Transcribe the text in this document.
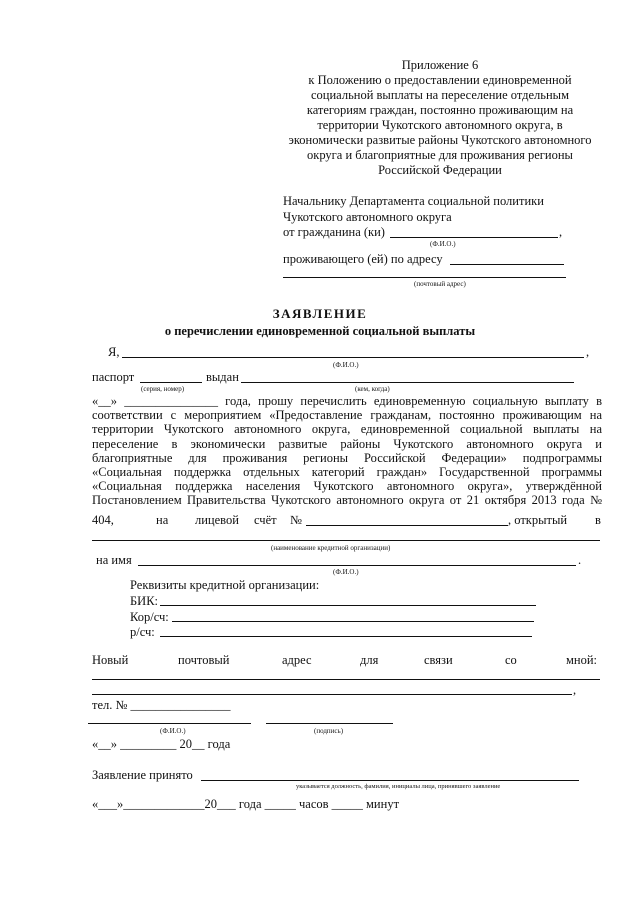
Приложение 6
к Положению о предоставлении единовременной
социальной выплаты на переселение отдельным
категориям граждан, постоянно проживающим на
территории Чукотского автономного округа, в
экономически развитые районы Чукотского автономного
округа и благоприятные для проживания регионы
Российской Федерации
Начальнику Департамента социальной политики
Чукотского автономного округа
от гражданина (ки)	,
(Ф.И.О.)
проживающего (ей) по адресу
(почтовый адрес)
ЗАЯВЛЕНИЕ
о перечислении единовременной социальной выплаты
Я,	,
(Ф.И.О.)
паспорт	выдан
(серия, номер)	(кем, когда)
«__» _______________ года, прошу перечислить единовременную социальную выплату в
соответствии с мероприятием «Предоставление гражданам, постоянно проживающим на
территории Чукотского автономного округа, единовременной социальной выплаты на
переселение в экономически развитые районы Чукотского автономного округа и
благоприятные для проживания регионы Российской Федерации» подпрограммы
«Социальная поддержка отдельных категорий граждан» Государственной программы
«Социальная поддержка населения Чукотского автономного округа», утверждённой
Постановлением Правительства Чукотского автономного округа от 21 октября 2013 года №
404,	на лицевой счёт №	, открытый в
(наименование кредитной организации)
на имя	.
(Ф.И.О.)
Реквизиты кредитной организации:
БИК:
Кор/сч:
р/сч:
Новый	почтовый	адрес	для	связи	со	мной:
,
тел. № ________________
(Ф.И.О.)	(подпись)
«__» _________ 20__ года
Заявление принято
указывается должность, фамилия, инициалы лица, принявшего заявление
«___»_____________20___ года _____ часов _____ минут
